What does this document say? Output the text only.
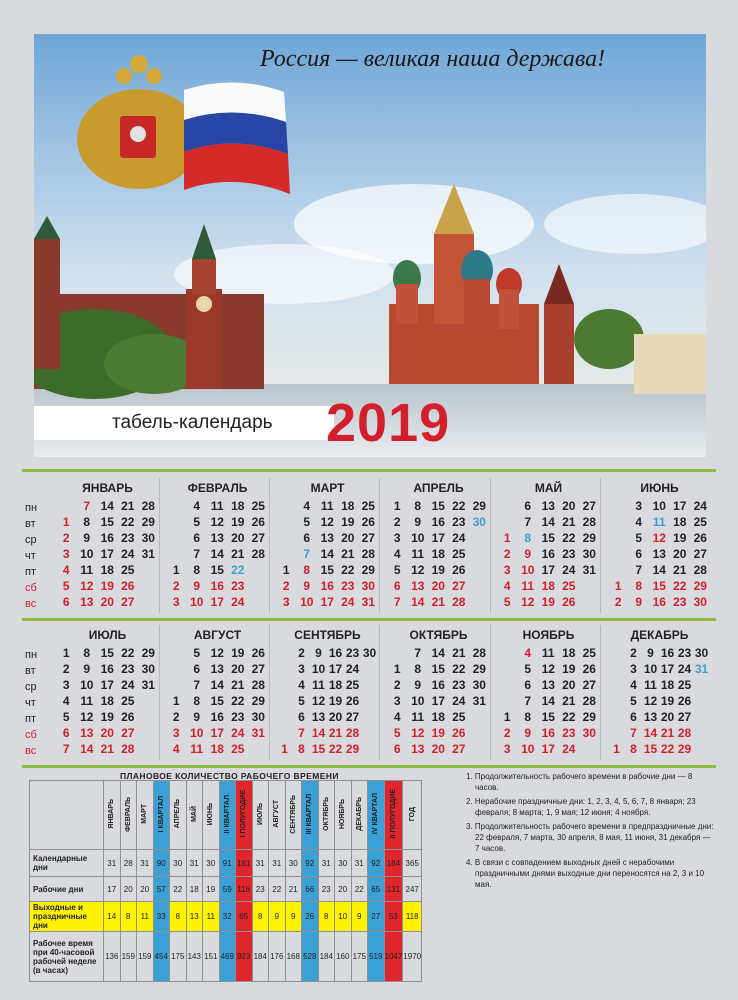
Россия — великая наша держава!
табель-календарь 2019
пн
вт
ср
чт
пт
сб
вс
пн
вт
ср
чт
пт
сб
вс
ЯНВАРЬ
7 14 21 28
1	8 15 22 29
2	9 16 23 30
3 10 17 24 31
4 11 18 25
5 12 19 26
6 13 20 27
ФЕВРАЛЬ
4 11 18 25
5 12 19 26
6 13 20 27
7 14 21 28
1	8 15 22
2	9 16 23
3 10 17 24
МАРТ
4 11 18 25
5 12 19 26
6 13 20 27
7 14 21 28
1	8 15 22 29
2	9 16 23 30
3 10 17 24 31
АПРЕЛЬ
1	8 15 22 29
2	9 16 23 30
3 10 17 24
4 11 18 25
5 12 19 26
6 13 20 27
7 14 21 28
МАЙ
6 13 20 27
7 14 21 28
1	8 15 22 29
2	9 16 23 30
3 10 17 24 31
4 11 18 25
5 12 19 26
ИЮНЬ
3 10 17 24
4 11 18 25
5 12 19 26
6 13 20 27
7 14 21 28
1	8 15 22 29
2	9 16 23 30
ИЮЛЬ
1	8 15 22 29
2	9 16 23 30
3 10 17 24 31
4 11 18 25
5 12 19 26
6 13 20 27
7 14 21 28
АВГУСТ
5 12 19 26
6 13 20 27
7 14 21 28
1	8 15 22 29
2	9 16 23 30
3 10 17 24 31
4 11 18 25
СЕНТЯБРЬ
2 9 16 23 30
3 10 17 24
4 11 18 25
5 12 19 26
6 13 20 27
7 14 21 28
1 8 15 22 29
ОКТЯБРЬ
7 14 21 28
1	8 15 22 29
2	9 16 23 30
3 10 17 24 31
4 11 18 25
5 12 19 26
6 13 20 27
НОЯБРЬ
4 11 18 25
5 12 19 26
6 13 20 27
7 14 21 28
1	8 15 22 29
2	9 16 23 30
3 10 17 24
ДЕКАБРЬ
2 9 16 23 30
3 10 17 24 31
4 11 18 25
5 12 19 26
6 13 20 27
7 14 21 28
1 8 15 22 29
ПЛАНОВОЕ КОЛИЧЕСТВО РАБОЧЕГО ВРЕМЕНИ
	ЯНВАРЬ	ФЕВРАЛЬ	МАРТ	I КВАРТАЛ	АПРЕЛЬ	МАЙ	ИЮНЬ	II КВАРТАЛ	I ПОЛУГОДИЕ	ИЮЛЬ	АВГУСТ	СЕНТЯБРЬ	III КВАРТАЛ	ОКТЯБРЬ	НОЯБРЬ	ДЕКАБРЬ	IV КВАРТАЛ	II ПОЛУГОДИЕ	ГОД
Календарные дни	31	28	31	90	30	31	30	91	181	31	31	30	92	31	30	31	92	184	365
Рабочие дни	17	20	20	57	22	18	19	59	116	23	22	21	66	23	20	22	65	131	247
Выходные и праздничные дни	14	8	11	33	8	13	11	32	65	8	9	9	26	8	10	9	27	53	118
Рабочее время при 40-часовой рабочей неделе (в часах)	136	159	159	454	175	143	151	469	923	184	176	168	528	184	160	175	519	1047	1970
1. Продолжительность рабочего времени в рабочие дни — 8 часов.
2. Нерабочие праздничные дни: 1, 2, 3, 4, 5, 6, 7, 8 января; 23 февраля; 8 марта; 1, 9 мая; 12 июня; 4 ноября.
3. Продолжительность рабочего времени в предпраздничные дни: 22 февраля, 7 марта, 30 апреля, 8 мая, 11 июня, 31 декабря — 7 часов.
4. В связи с совпадением выходных дней с нерабочими праздничными днями выходные дни переносятся на 2, 3 и 10 мая.
